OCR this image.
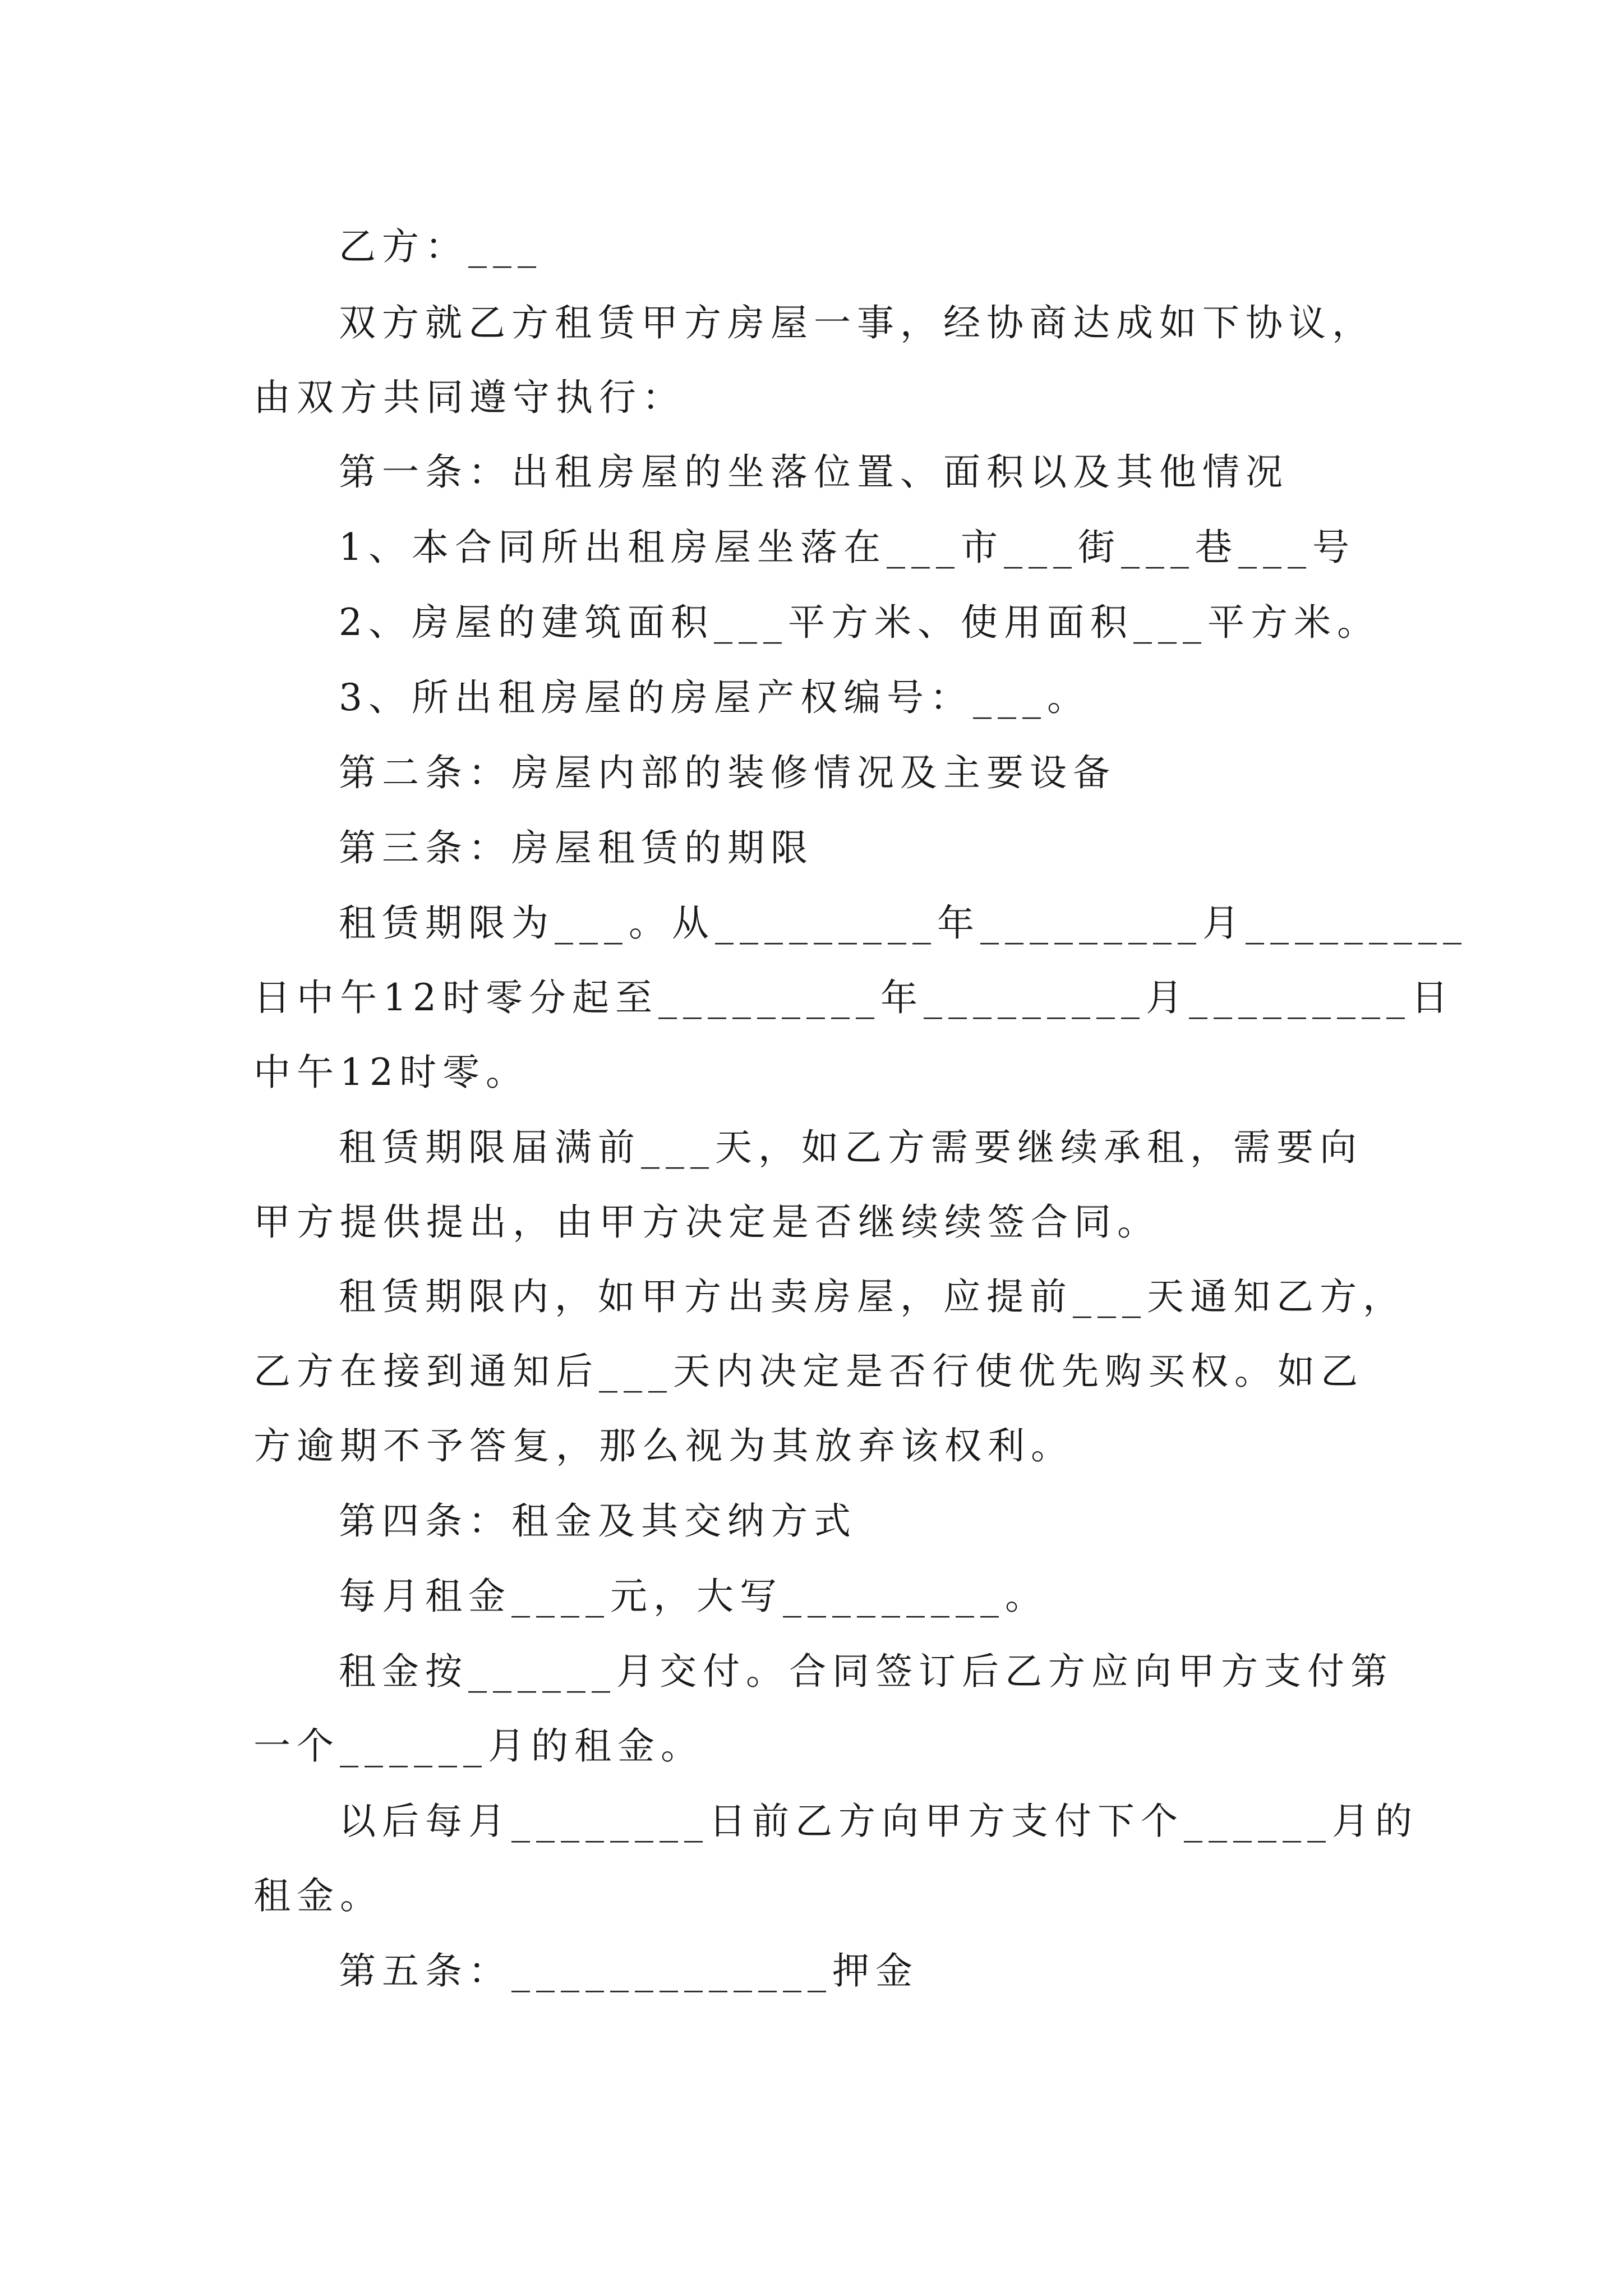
乙方：___
双方就乙方租赁甲方房屋一事，经协商达成如下协议，
由双方共同遵守执行：
第一条：出租房屋的坐落位置、面积以及其他情况
1、本合同所出租房屋坐落在___市___街___巷___号
2、房屋的建筑面积___平方米、使用面积___平方米。
3、所出租房屋的房屋产权编号：___。
第二条：房屋内部的装修情况及主要设备
第三条：房屋租赁的期限
租赁期限为___。从_________年_________月_________
日中午12时零分起至_________年_________月_________日
中午12时零。
租赁期限届满前___天，如乙方需要继续承租，需要向
甲方提供提出，由甲方决定是否继续续签合同。
租赁期限内，如甲方出卖房屋，应提前___天通知乙方，
乙方在接到通知后___天内决定是否行使优先购买权。如乙
方逾期不予答复，那么视为其放弃该权利。
第四条：租金及其交纳方式
每月租金____元，大写_________。
租金按______月交付。合同签订后乙方应向甲方支付第
一个______月的租金。
以后每月________日前乙方向甲方支付下个______月的
租金。
第五条：_____________押金
